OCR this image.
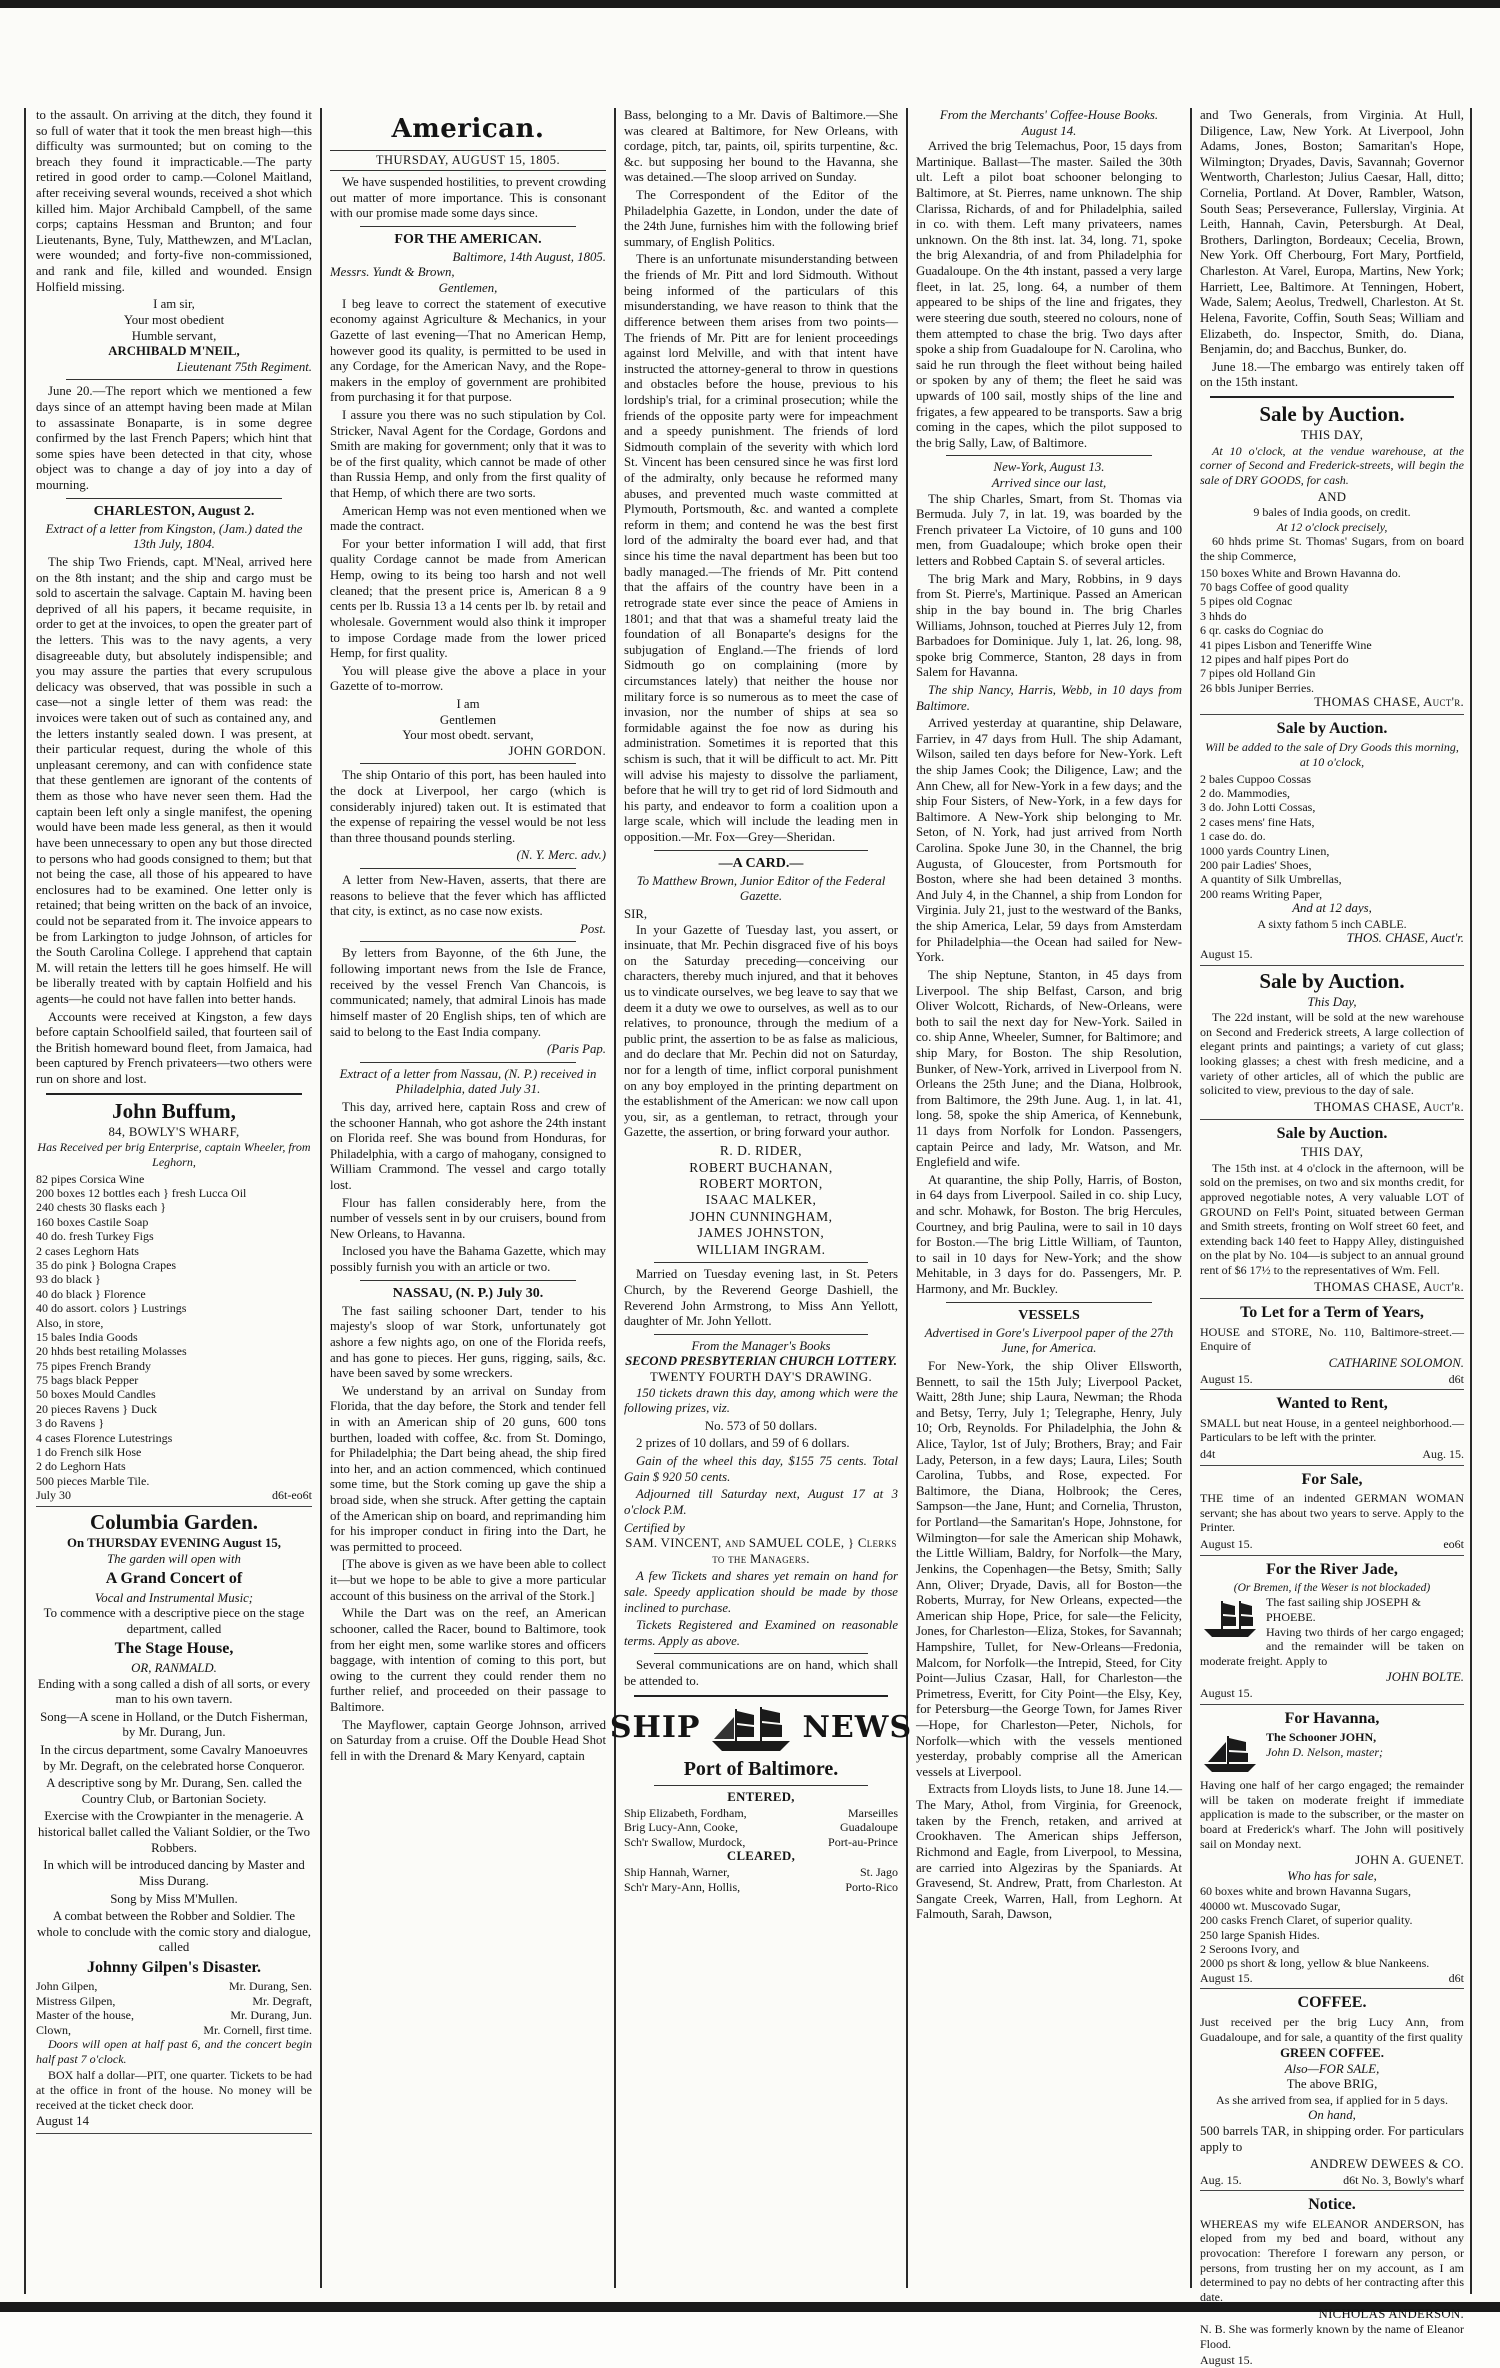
to the assault. On arriving at the ditch, they found it so full of water that it took the men breast high—this difficulty was surmounted; but on coming to the breach they found it impracticable.—The party retired in good order to camp.—Colonel Maitland, after receiving several wounds, received a shot which killed him. Major Archibald Campbell, of the same corps; captains Hessman and Brunton; and four Lieutenants, Byne, Tuly, Matthewzen, and M'Laclan, were wounded; and forty-five non-commissioned, and rank and file, killed and wounded. Ensign Holfield missing.

I am sir,
Your most obedient
Humble servant,
ARCHIBALD M'NEIL,
Lieutenant 75th Regiment.

June 20.—The report which we mentioned a few days since of an attempt having been made at Milan to assassinate Bonaparte, is in some degree confirmed by the last French Papers; which hint that some spies have been detected in that city, whose object was to change a day of joy into a day of mourning.

CHARLESTON, August 2.

Extract of a letter from Kingston, (Jam.) dated the 13th July, 1804.

The ship Two Friends, capt. M'Neal, arrived here on the 8th instant; and the ship and cargo must be sold to ascertain the salvage. Captain M. having been deprived of all his papers, it became requisite, in order to get at the invoices, to open the greater part of the letters. This was to the navy agents, a very disagreeable duty, but absolutely indispensible; and you may assure the parties that every scrupulous delicacy was observed, that was possible in such a case—not a single letter of them was read: the invoices were taken out of such as contained any, and the letters instantly sealed down. I was present, at their particular request, during the whole of this unpleasant ceremony, and can with confidence state that these gentlemen are ignorant of the contents of them as those who have never seen them. Had the captain been left only a single manifest, the opening would have been made less general, as then it would have been unnecessary to open any but those directed to persons who had goods consigned to them; but that not being the case, all those of his appeared to have enclosures had to be examined. One letter only is retained; that being written on the back of an invoice, could not be separated from it. The invoice appears to be from Larkington to judge Johnson, of articles for the South Carolina College. I apprehend that captain M. will retain the letters till he goes himself. He will be liberally treated with by captain Holfield and his agents—he could not have fallen into better hands.

Accounts were received at Kingston, a few days before captain Schoolfield sailed, that fourteen sail of the British homeward bound fleet, from Jamaica, had been captured by French privateers—two others were run on shore and lost.

John Buffum,
84, BOWLY'S WHARF,

Has Received per brig Enterprise, captain Wheeler, from Leghorn,

82 pipes Corsica Wine
200 boxes 12 bottles each } fresh Lucca Oil
240 chests 30 flasks each }
160 boxes Castile Soap
40 do. fresh Turkey Figs
2 cases Leghorn Hats
35 do pink } Bologna Crapes
93 do black }
40 do black } Florence
40 do assort. colors } Lustrings
Also, in store,
15 bales India Goods
20 hhds best retailing Molasses
75 pipes French Brandy
75 bags black Pepper
50 boxes Mould Candles
20 pieces Ravens } Duck
3 do Ravens }
4 cases Florence Lutestrings
1 do French silk Hose
2 do Leghorn Hats
500 pieces Marble Tile.
July 30	d6t-eo6t
Columbia Garden.
On THURSDAY EVENING August 15,
The garden will open with
A Grand Concert of
Vocal and Instrumental Music;

To commence with a descriptive piece on the stage department, called

The Stage House,
OR, RANMALD.

Ending with a song called a dish of all sorts, or every man to his own tavern.

Song—A scene in Holland, or the Dutch Fisherman, by Mr. Durang, Jun.

In the circus department, some Cavalry Manoeuvres by Mr. Degraft, on the celebrated horse Conqueror.

A descriptive song by Mr. Durang, Sen. called the Country Club, or Bartonian Society.

Exercise with the Crowpianter in the menagerie. A historical ballet called the Valiant Soldier, or the Two Robbers.

In which will be introduced dancing by Master and Miss Durang.

Song by Miss M'Mullen.

A combat between the Robber and Soldier. The whole to conclude with the comic story and dialogue, called

Johnny Gilpen's Disaster.
John Gilpen,	Mr. Durang, Sen.
Mistress Gilpen,	Mr. Degraft,
Master of the house,	Mr. Durang, Jun.
Clown,	Mr. Cornell, first time.

Doors will open at half past 6, and the concert begin half past 7 o'clock.

BOX half a dollar—PIT, one quarter. Tickets to be had at the office in front of the house. No money will be received at the ticket check door.

August 14
American.
THURSDAY, AUGUST 15, 1805.

We have suspended hostilities, to prevent crowding out matter of more importance. This is consonant with our promise made some days since.

FOR THE AMERICAN.
Baltimore, 14th August, 1805.
Messrs. Yundt & Brown,
Gentlemen,

I beg leave to correct the statement of executive economy against Agriculture & Mechanics, in your Gazette of last evening—That no American Hemp, however good its quality, is permitted to be used in any Cordage, for the American Navy, and the Rope-makers in the employ of government are prohibited from purchasing it for that purpose.

I assure you there was no such stipulation by Col. Stricker, Naval Agent for the Cordage, Gordons and Smith are making for government; only that it was to be of the first quality, which cannot be made of other than Russia Hemp, and only from the first quality of that Hemp, of which there are two sorts.

American Hemp was not even mentioned when we made the contract.

For your better information I will add, that first quality Cordage cannot be made from American Hemp, owing to its being too harsh and not well cleaned; that the present price is, American 8 a 9 cents per lb. Russia 13 a 14 cents per lb. by retail and wholesale. Government would also think it improper to impose Cordage made from the lower priced Hemp, for first quality.

You will please give the above a place in your Gazette of to-morrow.

I am
Gentlemen
Your most obedt. servant,
JOHN GORDON.

The ship Ontario of this port, has been hauled into the dock at Liverpool, her cargo (which is considerably injured) taken out. It is estimated that the expense of repairing the vessel would be not less than three thousand pounds sterling.

(N. Y. Merc. adv.)

A letter from New-Haven, asserts, that there are reasons to believe that the fever which has afflicted that city, is extinct, as no case now exists.

Post.

By letters from Bayonne, of the 6th June, the following important news from the Isle de France, received by the vessel French Van Chancois, is communicated; namely, that admiral Linois has made himself master of 20 English ships, ten of which are said to belong to the East India company.

(Paris Pap.

Extract of a letter from Nassau, (N. P.) received in Philadelphia, dated July 31.

This day, arrived here, captain Ross and crew of the schooner Hannah, who got ashore the 24th instant on Florida reef. She was bound from Honduras, for Philadelphia, with a cargo of mahogany, consigned to William Crammond. The vessel and cargo totally lost.

Flour has fallen considerably here, from the number of vessels sent in by our cruisers, bound from New Orleans, to Havanna.

Inclosed you have the Bahama Gazette, which may possibly furnish you with an article or two.

NASSAU, (N. P.) July 30.

The fast sailing schooner Dart, tender to his majesty's sloop of war Stork, unfortunately got ashore a few nights ago, on one of the Florida reefs, and has gone to pieces. Her guns, rigging, sails, &c. have been saved by some wreckers.

We understand by an arrival on Sunday from Florida, that the day before, the Stork and tender fell in with an American ship of 20 guns, 600 tons burthen, loaded with coffee, &c. from St. Domingo, for Philadelphia; the Dart being ahead, the ship fired into her, and an action commenced, which continued some time, but the Stork coming up gave the ship a broad side, when she struck. After getting the captain of the American ship on board, and reprimanding him for his improper conduct in firing into the Dart, he was permitted to proceed.

[The above is given as we have been able to collect it—but we hope to be able to give a more particular account of this business on the arrival of the Stork.]

While the Dart was on the reef, an American schooner, called the Racer, bound to Baltimore, took from her eight men, some warlike stores and officers baggage, with intention of coming to this port, but owing to the current they could render them no further relief, and proceeded on their passage to Baltimore.

The Mayflower, captain George Johnson, arrived on Saturday from a cruise. Off the Double Head Shot fell in with the Drenard & Mary Kenyard, captain

Bass, belonging to a Mr. Davis of Baltimore.—She was cleared at Baltimore, for New Orleans, with cordage, pitch, tar, paints, oil, spirits turpentine, &c. &c. but supposing her bound to the Havanna, she was detained.—The sloop arrived on Sunday.

The Correspondent of the Editor of the Philadelphia Gazette, in London, under the date of the 24th June, furnishes him with the following brief summary, of English Politics.

There is an unfortunate misunderstanding between the friends of Mr. Pitt and lord Sidmouth. Without being informed of the particulars of this misunderstanding, we have reason to think that the difference between them arises from two points—The friends of Mr. Pitt are for lenient proceedings against lord Melville, and with that intent have instructed the attorney-general to throw in questions and obstacles before the house, previous to his lordship's trial, for a criminal prosecution; while the friends of the opposite party were for impeachment and a speedy punishment. The friends of lord Sidmouth complain of the severity with which lord St. Vincent has been censured since he was first lord of the admiralty, only because he reformed many abuses, and prevented much waste committed at Plymouth, Portsmouth, &c. and wanted a complete reform in them; and contend he was the best first lord of the admiralty the board ever had, and that since his time the naval department has been but too badly managed.—The friends of Mr. Pitt contend that the affairs of the country have been in a retrograde state ever since the peace of Amiens in 1801; and that that was a shameful treaty laid the foundation of all Bonaparte's designs for the subjugation of England.—The friends of lord Sidmouth go on complaining (more by circumstances lately) that neither the house nor military force is so numerous as to meet the case of invasion, nor the number of ships at sea so formidable against the foe now as during his administration. Sometimes it is reported that this schism is such, that it will be difficult to act. Mr. Pitt will advise his majesty to dissolve the parliament, before that he will try to get rid of lord Sidmouth and his party, and endeavor to form a coalition upon a large scale, which will include the leading men in opposition.—Mr. Fox—Grey—Sheridan.

—A CARD.—

To Matthew Brown, Junior Editor of the Federal Gazette.

SIR,

In your Gazette of Tuesday last, you assert, or insinuate, that Mr. Pechin disgraced five of his boys on the Saturday preceding—conceiving our characters, thereby much injured, and that it behoves us to vindicate ourselves, we beg leave to say that we deem it a duty we owe to ourselves, as well as to our relatives, to pronounce, through the medium of a public print, the assertion to be as false as malicious, and do declare that Mr. Pechin did not on Saturday, nor for a length of time, inflict corporal punishment on any boy employed in the printing department on the establishment of the American: we now call upon you, sir, as a gentleman, to retract, through your Gazette, the assertion, or bring forward your author.

R. D. RIDER,
ROBERT BUCHANAN,
ROBERT MORTON,
ISAAC MALKER,
JOHN CUNNINGHAM,
JAMES JOHNSTON,
WILLIAM INGRAM.

Married on Tuesday evening last, in St. Peters Church, by the Reverend George Dashiell, the Reverend John Armstrong, to Miss Ann Yellott, daughter of Mr. John Yellott.

From the Manager's Books
SECOND PRESBYTERIAN CHURCH LOTTERY.
TWENTY FOURTH DAY'S DRAWING.

150 tickets drawn this day, among which were the following prizes, viz.

No. 573 of 50 dollars.

2 prizes of 10 dollars, and 59 of 6 dollars.

Gain of the wheel this day, $155 75 cents. Total Gain $ 920 50 cents.

Adjourned till Saturday next, August 17 at 3 o'clock P.M.

Certified by

SAM. VINCENT, and SAMUEL COLE, } Clerks to the Managers.

A few Tickets and shares yet remain on hand for sale. Speedy application should be made by those inclined to purchase.

Tickets Registered and Examined on reasonable terms. Apply as above.

Several communications are on hand, which shall be attended to.

SHIP	NEWS
Port of Baltimore.
ENTERED,
Ship Elizabeth, Fordham,	Marseilles
Brig Lucy-Ann, Cooke,	Guadaloupe
Sch'r Swallow, Murdock,	Port-au-Prince
CLEARED,
Ship Hannah, Warner,	St. Jago
Sch'r Mary-Ann, Hollis,	Porto-Rico
From the Merchants' Coffee-House Books.
August 14.

Arrived the brig Telemachus, Poor, 15 days from Martinique. Ballast—The master. Sailed the 30th ult. Left a pilot boat schooner belonging to Baltimore, at St. Pierres, name unknown. The ship Clarissa, Richards, of and for Philadelphia, sailed in co. with them. Left many privateers, names unknown. On the 8th inst. lat. 34, long. 71, spoke the brig Alexandria, of and from Philadelphia for Guadaloupe. On the 4th instant, passed a very large fleet, in lat. 25, long. 64, a number of them appeared to be ships of the line and frigates, they were steering due south, steered no colours, none of them attempted to chase the brig. Two days after spoke a ship from Guadaloupe for N. Carolina, who said he run through the fleet without being hailed or spoken by any of them; the fleet he said was upwards of 100 sail, mostly ships of the line and frigates, a few appeared to be transports. Saw a brig coming in the capes, which the pilot supposed to the brig Sally, Law, of Baltimore.

New-York, August 13.
Arrived since our last,

The ship Charles, Smart, from St. Thomas via Bermuda. July 7, in lat. 19, was boarded by the French privateer La Victoire, of 10 guns and 100 men, from Guadaloupe; which broke open their letters and Robbed Captain S. of several articles.

The brig Mark and Mary, Robbins, in 9 days from St. Pierre's, Martinique. Passed an American ship in the bay bound in. The brig Charles Williams, Johnson, touched at Pierres July 12, from Barbadoes for Dominique. July 1, lat. 26, long. 98, spoke brig Commerce, Stanton, 28 days in from Salem for Havanna.

The ship Nancy, Harris, Webb, in 10 days from Baltimore.

Arrived yesterday at quarantine, ship Delaware, Farriev, in 47 days from Hull. The ship Adamant, Wilson, sailed ten days before for New-York. Left the ship James Cook; the Diligence, Law; and the Ann Chew, all for New-York in a few days; and the ship Four Sisters, of New-York, in a few days for Baltimore. A New-York ship belonging to Mr. Seton, of N. York, had just arrived from North Carolina. Spoke June 30, in the Channel, the brig Augusta, of Gloucester, from Portsmouth for Boston, where she had been detained 3 months. And July 4, in the Channel, a ship from London for Virginia. July 21, just to the westward of the Banks, the ship America, Lelar, 59 days from Amsterdam for Philadelphia—the Ocean had sailed for New-York.

The ship Neptune, Stanton, in 45 days from Liverpool. The ship Belfast, Carson, and brig Oliver Wolcott, Richards, of New-Orleans, were both to sail the next day for New-York. Sailed in co. ship Anne, Wheeler, Sumner, for Baltimore; and ship Mary, for Boston. The ship Resolution, Bunker, of New-York, arrived in Liverpool from N. Orleans the 25th June; and the Diana, Holbrook, from Baltimore, the 29th June. Aug. 1, in lat. 41, long. 58, spoke the ship America, of Kennebunk, 11 days from Norfolk for London. Passengers, captain Peirce and lady, Mr. Watson, and Mr. Englefield and wife.

At quarantine, the ship Polly, Harris, of Boston, in 64 days from Liverpool. Sailed in co. ship Lucy, and schr. Mohawk, for Boston. The brig Hercules, Courtney, and brig Paulina, were to sail in 10 days for Boston.—The brig Little William, of Taunton, to sail in 10 days for New-York; and the show Mehitable, in 3 days for do. Passengers, Mr. P. Harmony, and Mr. Buckley.

VESSELS

Advertised in Gore's Liverpool paper of the 27th June, for America.

For New-York, the ship Oliver Ellsworth, Bennett, to sail the 15th July; Liverpool Packet, Waitt, 28th June; ship Laura, Newman; the Rhoda and Betsy, Terry, July 1; Telegraphe, Henry, July 10; Orb, Reynolds. For Philadelphia, the John & Alice, Taylor, 1st of July; Brothers, Bray; and Fair Lady, Peterson, in a few days; Laura, Liles; South Carolina, Tubbs, and Rose, expected. For Baltimore, the Diana, Holbrook; the Ceres, Sampson—the Jane, Hunt; and Cornelia, Thruston, for Portland—the Samaritan's Hope, Johnstone, for Wilmington—for sale the American ship Mohawk, the Little William, Baldry, for Norfolk—the Mary, Jenkins, the Copenhagen—the Betsy, Smith; Sally Ann, Oliver; Dryade, Davis, all for Boston—the Roberts, Murray, for New Orleans, expected—the American ship Hope, Price, for sale—the Felicity, Jones, for Charleston—Eliza, Stokes, for Savannah; Hampshire, Tullet, for New-Orleans—Fredonia, Malcom, for Norfolk—the Intrepid, Steed, for City Point—Julius Czasar, Hall, for Charleston—the Primetress, Everitt, for City Point—the Elsy, Key, for Petersburg—the George Town, for James River—Hope, for Charleston—Peter, Nichols, for Norfolk—which with the vessels mentioned yesterday, probably comprise all the American vessels at Liverpool.

Extracts from Lloyds lists, to June 18. June 14.—The Mary, Athol, from Virginia, for Greenock, taken by the French, retaken, and arrived at Crookhaven. The American ships Jefferson, Richmond and Eagle, from Liverpool, to Messina, are carried into Algeziras by the Spaniards. At Gravesend, St. Andrew, Pratt, from Charleston. At Sangate Creek, Warren, Hall, from Leghorn. At Falmouth, Sarah, Dawson,

and Two Generals, from Virginia. At Hull, Diligence, Law, New York. At Liverpool, John Adams, Jones, Boston; Samaritan's Hope, Wilmington; Dryades, Davis, Savannah; Governor Wentworth, Charleston; Julius Caesar, Hall, ditto; Cornelia, Portland. At Dover, Rambler, Watson, South Seas; Perseverance, Fullerslay, Virginia. At Leith, Hannah, Cavin, Petersburgh. At Deal, Brothers, Darlington, Bordeaux; Cecelia, Brown, New York. Off Cherbourg, Fort Mary, Portfield, Charleston. At Varel, Europa, Martins, New York; Harriett, Lee, Baltimore. At Tenningen, Hobert, Wade, Salem; Aeolus, Tredwell, Charleston. At St. Helena, Favorite, Coffin, South Seas; William and Elizabeth, do. Inspector, Smith, do. Diana, Benjamin, do; and Bacchus, Bunker, do.

June 18.—The embargo was entirely taken off on the 15th instant.

Sale by Auction.
THIS DAY,

At 10 o'clock, at the vendue warehouse, at the corner of Second and Frederick-streets, will begin the sale of DRY GOODS, for cash.

AND
9 bales of India goods, on credit.
At 12 o'clock precisely,

60 hhds prime St. Thomas' Sugars, from on board the ship Commerce,

150 boxes White and Brown Havanna do.
70 bags Coffee of good quality
5 pipes old Cognac
3 hhds do
6 qr. casks do Cogniac do
41 pipes Lisbon and Teneriffe Wine
12 pipes and half pipes Port do
7 pipes old Holland Gin
26 bbls Juniper Berries.
THOMAS CHASE, Auct'r.
Sale by Auction.

Will be added to the sale of Dry Goods this morning, at 10 o'clock,

2 bales Cuppoo Cossas
2 do. Mammodies,
3 do. John Lotti Cossas,
2 cases mens' fine Hats,
1 case do. do.
1000 yards Country Linen,
200 pair Ladies' Shoes,
A quantity of Silk Umbrellas,
200 reams Writing Paper,
And at 12 days,
A sixty fathom 5 inch CABLE.
THOS. CHASE, Auct'r.
August 15.
Sale by Auction.
This Day,

The 22d instant, will be sold at the new warehouse on Second and Frederick streets, A large collection of elegant prints and paintings; a variety of cut glass; looking glasses; a chest with fresh medicine, and a variety of other articles, all of which the public are solicited to view, previous to the day of sale.

THOMAS CHASE, Auct'r.
Sale by Auction.
THIS DAY,

The 15th inst. at 4 o'clock in the afternoon, will be sold on the premises, on two and six months credit, for approved negotiable notes, A very valuable LOT of GROUND on Fell's Point, situated between German and Smith streets, fronting on Wolf street 60 feet, and extending back 140 feet to Happy Alley, distinguished on the plat by No. 104—is subject to an annual ground rent of $6 17½ to the representatives of Wm. Fell.

THOMAS CHASE, Auct'r.
To Let for a Term of Years,

HOUSE and STORE, No. 110, Baltimore-street.—Enquire of

CATHARINE SOLOMON.
August 15.	d6t
Wanted to Rent,

SMALL but neat House, in a genteel neighborhood.—Particulars to be left with the printer.

d4t	Aug. 15.
For Sale,

THE time of an indented GERMAN WOMAN servant; she has about two years to serve. Apply to the Printer.

August 15.	eo6t
For the River Jade,
(Or Bremen, if the Weser is not blockaded)
The fast sailing ship JOSEPH & PHOEBE.

Having two thirds of her cargo engaged; and the remainder will be taken on moderate freight. Apply to

JOHN BOLTE.
August 15.
For Havanna,
The Schooner JOHN,
John D. Nelson, master;

Having one half of her cargo engaged; the remainder will be taken on moderate freight if immediate application is made to the subscriber, or the master on board at Frederick's wharf. The John will positively sail on Monday next.

JOHN A. GUENET.
Who has for sale,
60 boxes white and brown Havanna Sugars,
40000 wt. Muscovado Sugar,
200 casks French Claret, of superior quality.
250 large Spanish Hides.
2 Seroons Ivory, and
2000 ps short & long, yellow & blue Nankeens.
August 15.	d6t
COFFEE.

Just received per the brig Lucy Ann, from Guadaloupe, and for sale, a quantity of the first quality

GREEN COFFEE.
Also—FOR SALE,
The above BRIG,
As she arrived from sea, if applied for in 5 days.
On hand,

500 barrels TAR, in shipping order. For particulars apply to

ANDREW DEWEES & CO.
Aug. 15.	d6t No. 3, Bowly's wharf
Notice.

WHEREAS my wife ELEANOR ANDERSON, has eloped from my bed and board, without any provocation: Therefore I forewarn any person, or persons, from trusting her on my account, as I am determined to pay no debts of her contracting after this date.

NICHOLAS ANDERSON.

N. B. She was formerly known by the name of Eleanor Flood.

August 15.
